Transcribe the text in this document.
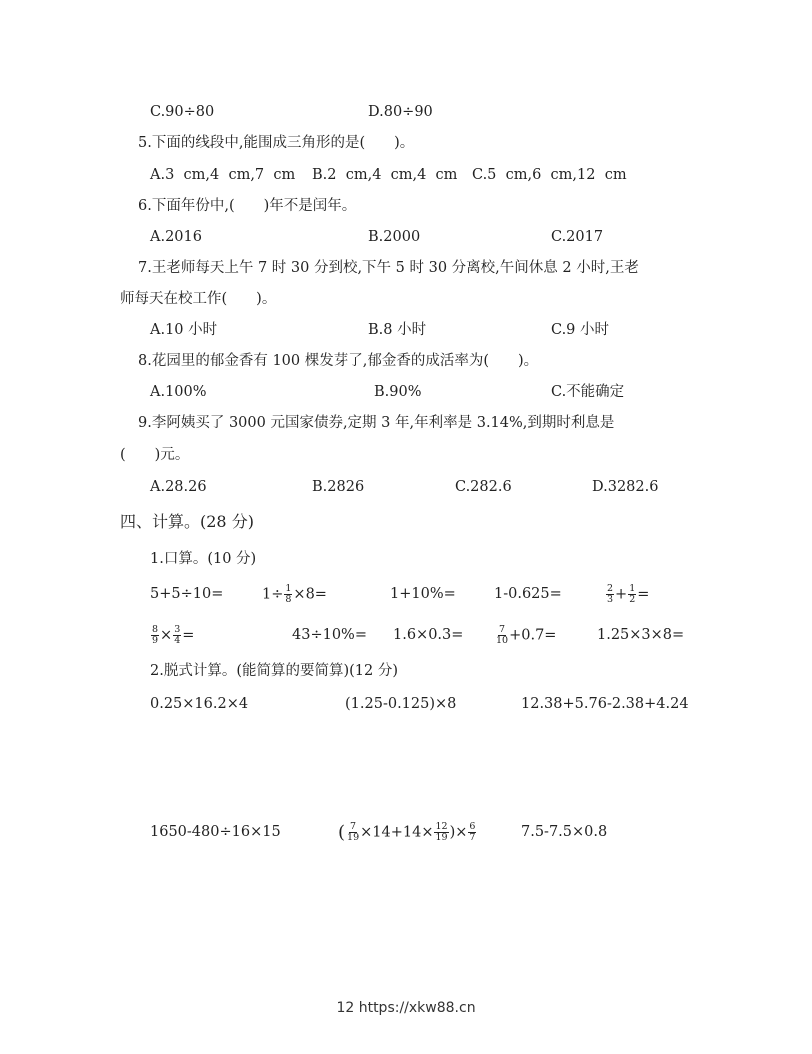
C.90÷80	D.80÷90
5.下面的线段中,能围成三角形的是(　　)。
A.3  cm,4  cm,7  cm B.2  cm,4  cm,4  cm C.5  cm,6  cm,12  cm
6.下面年份中,(　　)年不是闰年。
A.2016	B.2000	C.2017
7.王老师每天上午 7 时 30 分到校,下午 5 时 30 分离校,午间休息 2 小时,王老
师每天在校工作(　　)。
A.10 小时	B.8 小时	C.9 小时
8.花园里的郁金香有 100 棵发芽了,郁金香的成活率为(　　)。
A.100%	B.90%	C.不能确定
9.李阿姨买了 3000 元国家债券,定期 3 年,年利率是 3.14%,到期时利息是
(　　)元。
A.28.26	B.2826	C.282.6	D.3282.6
四、计算。(28 分)
1.口算。(10 分)
5+5÷10=	$1\div \frac{1}{8} \times 8=$	1+10%=	1-0.625=	$\frac{2}{3} + \frac{1}{2}$ =
$\frac{8}{9} \times \frac{3}{4}$ =	43÷10%= 1.6×0.3=	$\frac{7}{10} +0.7=$	1.25×3×8=
2.脱式计算。(能简算的要简算)(12 分)
0.25×16.2×4	(1.25-0.125)×8	12.38+5.76-2.38+4.24
1650-480÷16×15	( $\frac{7}{19} \times 14+14\times \frac{12}{19}$ )× $\frac{6}{7}$	7.5-7.5×0.8
12 https://xkw88.cn
